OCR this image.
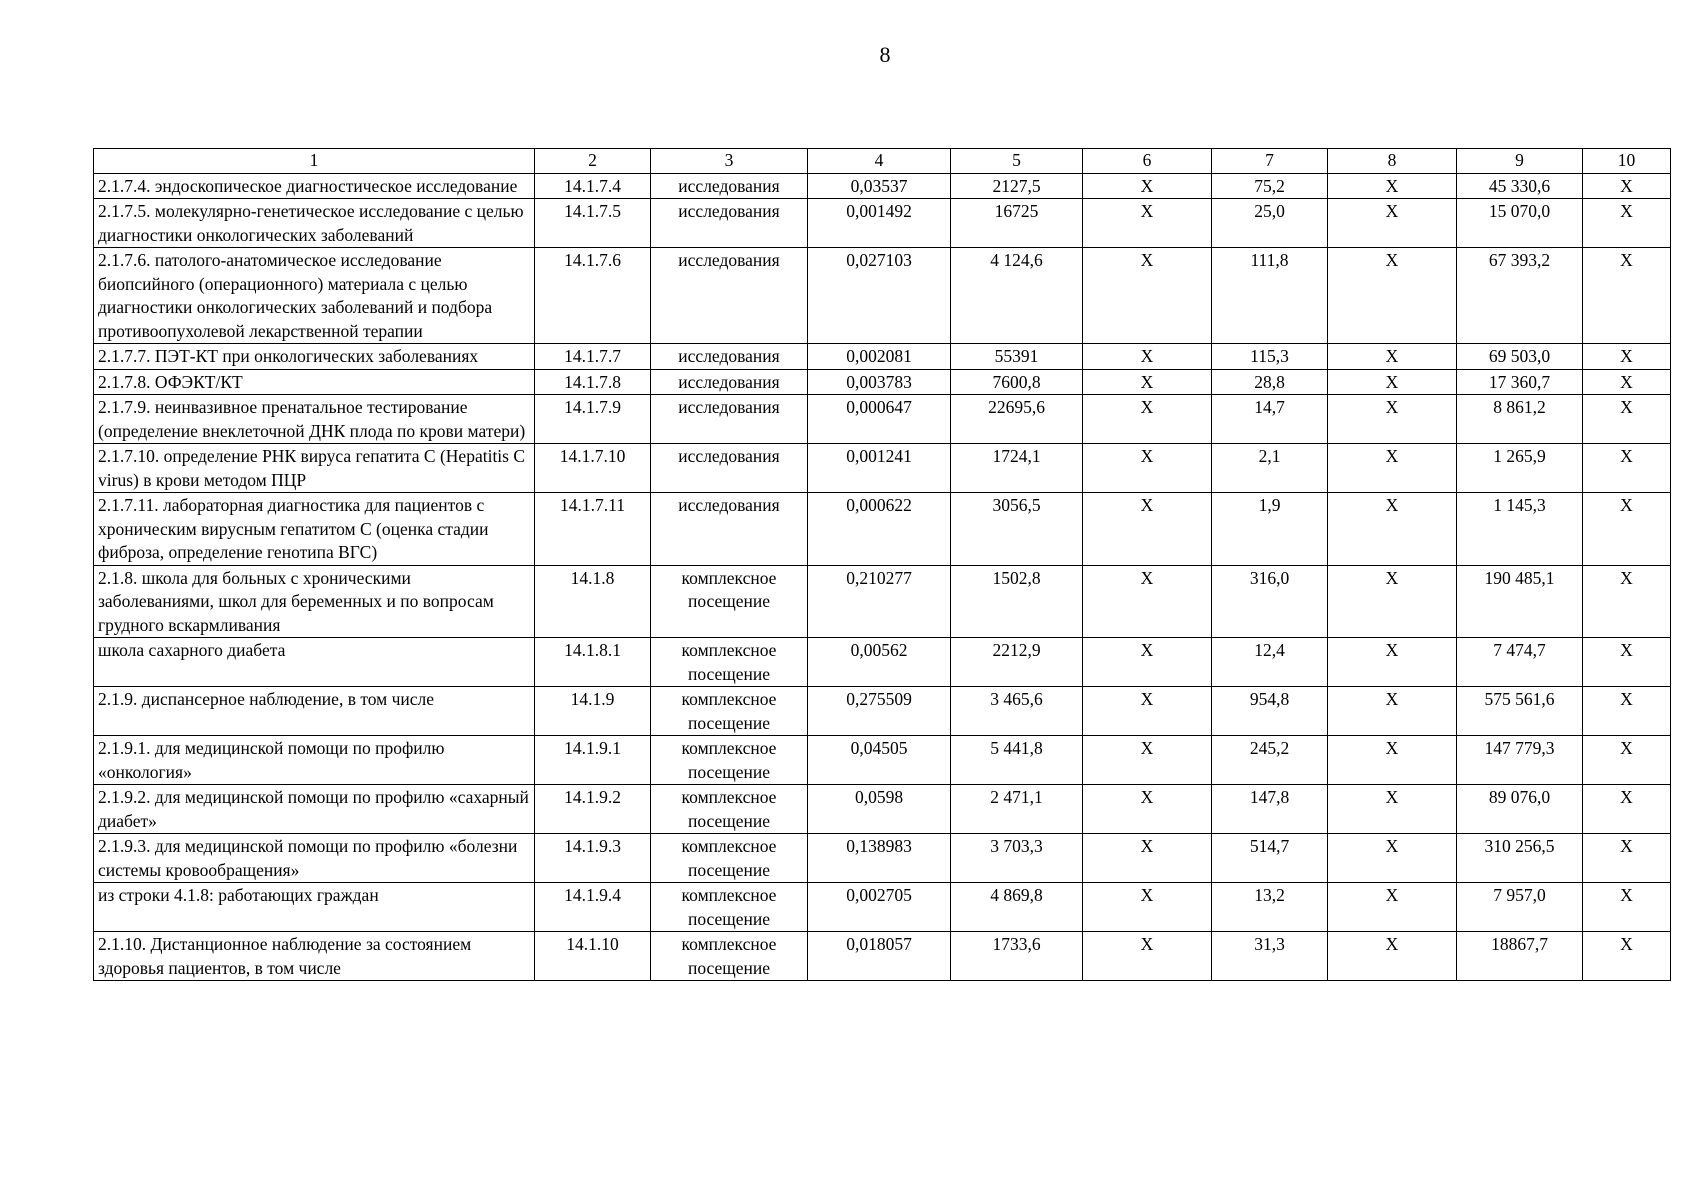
8
1	2	3	4	5	6	7	8	9	10
2.1.7.4. эндоскопическое диагностическое исследование	14.1.7.4	исследования	0,03537	2127,5	Х	75,2	Х	45 330,6	Х
2.1.7.5. молекулярно-генетическое исследование с целью диагностики онкологических заболеваний	14.1.7.5	исследования	0,001492	16725	Х	25,0	Х	15 070,0	Х
2.1.7.6. патолого-анатомическое исследование биопсийного (операционного) материала с целью диагностики онкологических заболеваний и подбора противоопухолевой лекарственной терапии	14.1.7.6	исследования	0,027103	4 124,6	Х	111,8	Х	67 393,2	Х
2.1.7.7. ПЭТ-КТ при онкологических заболеваниях	14.1.7.7	исследования	0,002081	55391	Х	115,3	Х	69 503,0	Х
2.1.7.8. ОФЭКТ/КТ	14.1.7.8	исследования	0,003783	7600,8	Х	28,8	Х	17 360,7	Х
2.1.7.9. неинвазивное пренатальное тестирование (определение внеклеточной ДНК плода по крови матери)	14.1.7.9	исследования	0,000647	22695,6	Х	14,7	Х	8 861,2	Х
2.1.7.10. определение РНК вируса гепатита С (Hepatitis C virus) в крови методом ПЦР	14.1.7.10	исследования	0,001241	1724,1	Х	2,1	Х	1 265,9	Х
2.1.7.11. лабораторная диагностика для пациентов с хроническим вирусным гепатитом С (оценка стадии фиброза, определение генотипа ВГС)	14.1.7.11	исследования	0,000622	3056,5	Х	1,9	Х	1 145,3	Х
2.1.8. школа для больных с хроническими заболеваниями, школ для беременных и по вопросам грудного вскармливания	14.1.8	комплексное посещение	0,210277	1502,8	Х	316,0	Х	190 485,1	Х
школа сахарного диабета	14.1.8.1	комплексное посещение	0,00562	2212,9	Х	12,4	Х	7 474,7	Х
2.1.9. диспансерное наблюдение, в том числе	14.1.9	комплексное посещение	0,275509	3 465,6	Х	954,8	Х	575 561,6	Х
2.1.9.1. для медицинской помощи по профилю «онкология»	14.1.9.1	комплексное посещение	0,04505	5 441,8	Х	245,2	Х	147 779,3	Х
2.1.9.2. для медицинской помощи по профилю «сахарный диабет»	14.1.9.2	комплексное посещение	0,0598	2 471,1	Х	147,8	Х	89 076,0	Х
2.1.9.3. для медицинской помощи по профилю «болезни системы кровообращения»	14.1.9.3	комплексное посещение	0,138983	3 703,3	Х	514,7	Х	310 256,5	Х
из строки 4.1.8: работающих граждан	14.1.9.4	комплексное посещение	0,002705	4 869,8	Х	13,2	Х	7 957,0	Х
2.1.10. Дистанционное наблюдение за состоянием здоровья пациентов, в том числе	14.1.10	комплексное посещение	0,018057	1733,6	Х	31,3	Х	18867,7	Х
